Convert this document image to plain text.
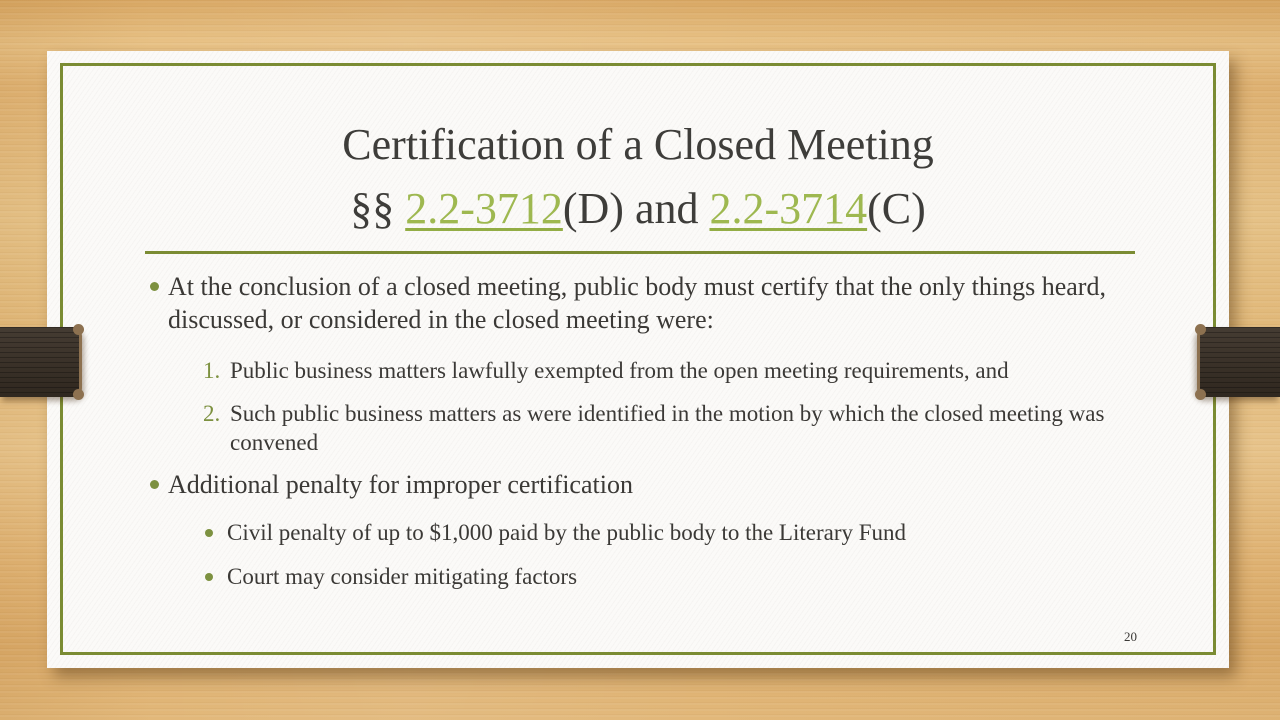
Certification of a Closed Meeting
§§ 2.2-3712(D) and 2.2-3714(C)
At the conclusion of a closed meeting, public body must certify that the only things heard, discussed, or considered in the closed meeting were:
1. Public business matters lawfully exempted from the open meeting requirements, and
2. Such public business matters as were identified in the motion by which the closed meeting was convened
Additional penalty for improper certification
Civil penalty of up to $1,000 paid by the public body to the Literary Fund
Court may consider mitigating factors
20
